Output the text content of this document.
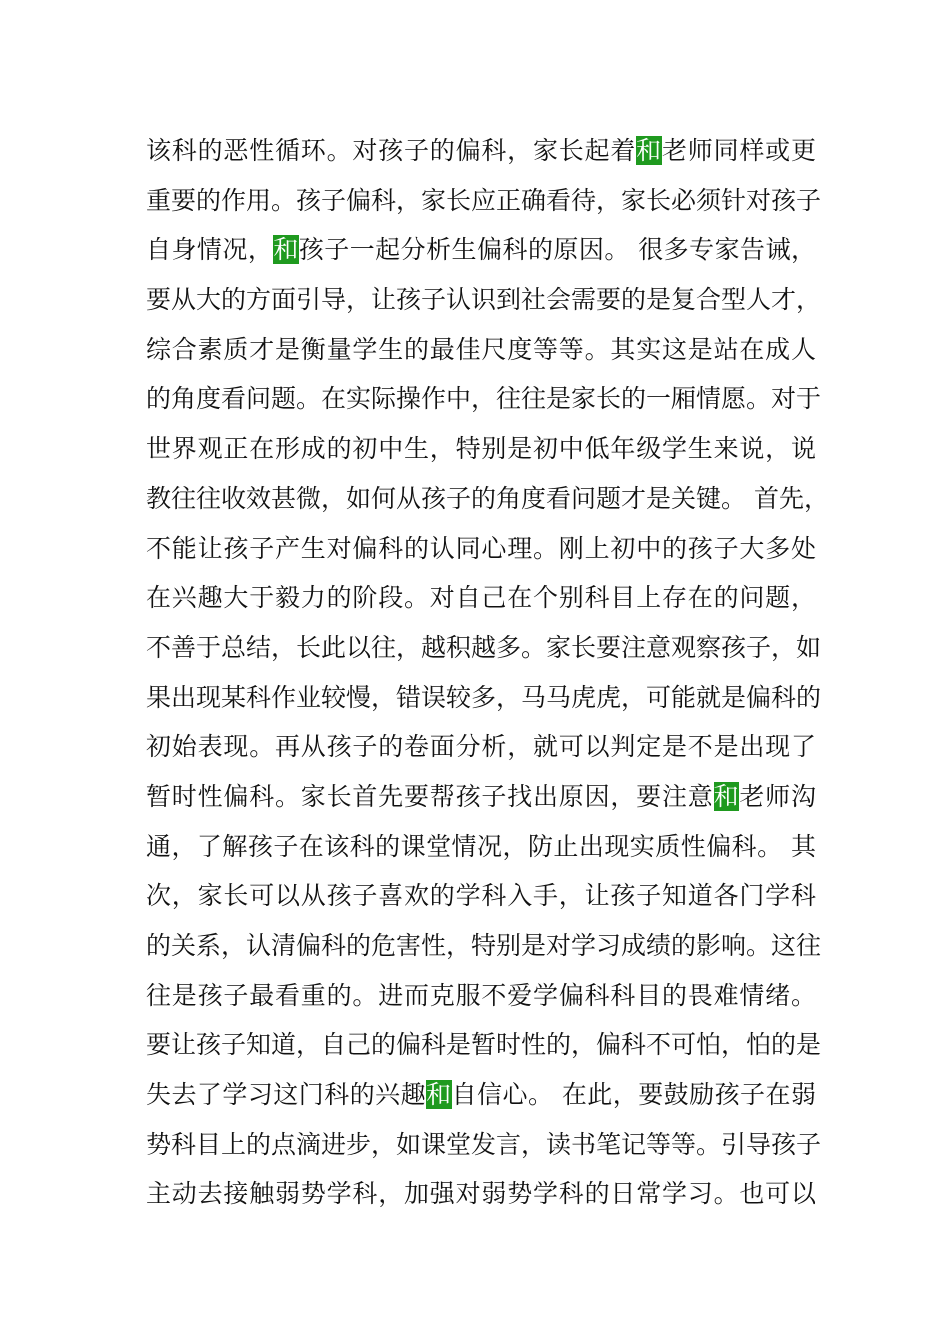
该科的恶性循环。对孩子的偏科，家长起着和老师同样或更
重要的作用。孩子偏科，家长应正确看待，家长必须针对孩子
自身情况，和孩子一起分析生偏科的原因。 很多专家告诫，
要从大的方面引导，让孩子认识到社会需要的是复合型人才，
综合素质才是衡量学生的最佳尺度等等。其实这是站在成人
的角度看问题。在实际操作中，往往是家长的一厢情愿。对于
世界观正在形成的初中生，特别是初中低年级学生来说，说
教往往收效甚微，如何从孩子的角度看问题才是关键。 首先，
不能让孩子产生对偏科的认同心理。刚上初中的孩子大多处
在兴趣大于毅力的阶段。对自己在个别科目上存在的问题，
不善于总结，长此以往，越积越多。家长要注意观察孩子，如
果出现某科作业较慢，错误较多，马马虎虎，可能就是偏科的
初始表现。再从孩子的卷面分析，就可以判定是不是出现了
暂时性偏科。家长首先要帮孩子找出原因，要注意和老师沟
通，了解孩子在该科的课堂情况，防止出现实质性偏科。 其
次，家长可以从孩子喜欢的学科入手，让孩子知道各门学科
的关系，认清偏科的危害性，特别是对学习成绩的影响。这往
往是孩子最看重的。进而克服不爱学偏科科目的畏难情绪。
要让孩子知道，自己的偏科是暂时性的，偏科不可怕，怕的是
失去了学习这门科的兴趣和自信心。 在此，要鼓励孩子在弱
势科目上的点滴进步，如课堂发言，读书笔记等等。引导孩子
主动去接触弱势学科，加强对弱势学科的日常学习。也可以
